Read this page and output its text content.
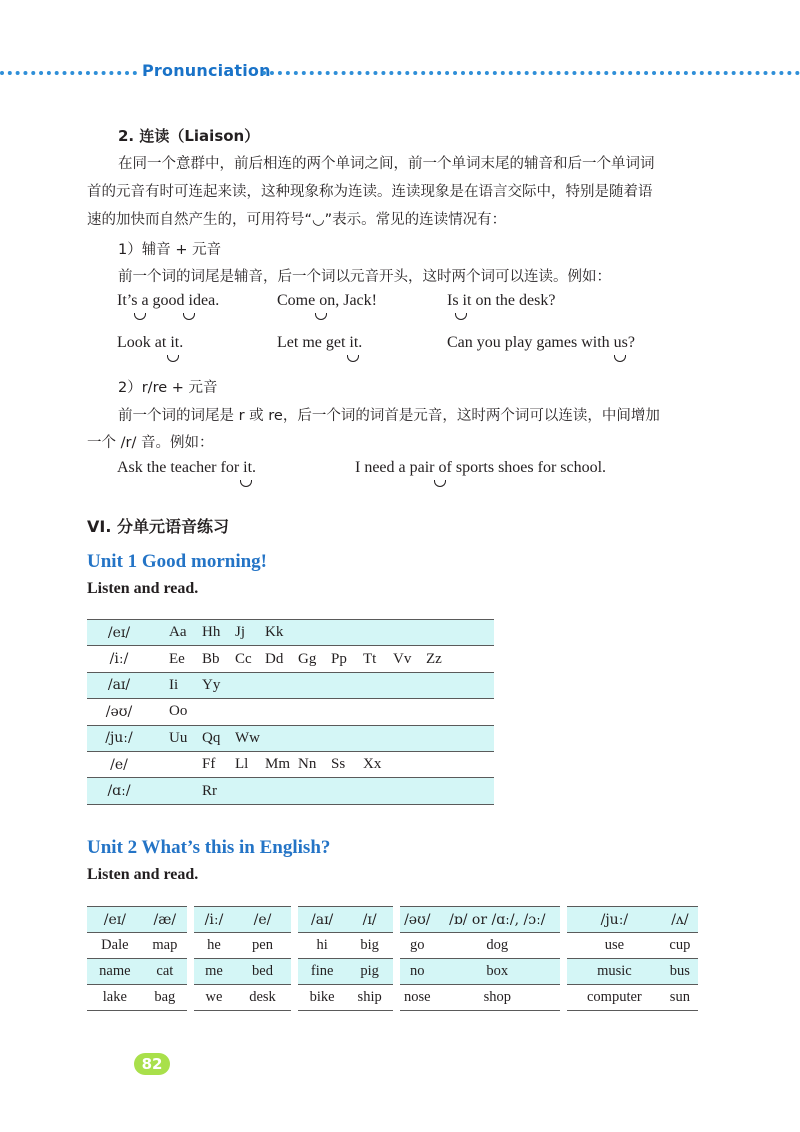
Pronunciation
2. 连读（Liaison）
在同一个意群中，前后相连的两个单词之间，前一个单词末尾的辅音和后一个单词词
首的元音有时可连起来读，这种现象称为连读。连读现象是在语言交际中，特别是随着语
速的加快而自然产生的，可用符号“◡”表示。常见的连读情况有：
1）辅音 + 元音
前一个词的词尾是辅音，后一个词以元音开头，这时两个词可以连读。例如：
It’s a good idea.	Come on, Jack!	Is it on the desk?
Look at it.	Let me get it.	Can you play games with us?
2）r/re + 元音
前一个词的词尾是 r 或 re，后一个词的词首是元音，这时两个词可以连读，中间增加
一个 /r/ 音。例如：
Ask the teacher for it.	I need a pair of sports shoes for school.
VI. 分单元语音练习
Unit 1 Good morning!
Listen and read.
/eɪ/	Aa Hh Jj Kk
/iː/	Ee Bb Cc Dd Gg Pp Tt Vv Zz
/aɪ/	Ii Yy
/əʊ/	Oo
/juː/	Uu Qq Ww
/e/	Ff Ll Mm Nn Ss Xx
/ɑː/	Rr
Unit 2 What’s this in English?
Listen and read.
/eɪ/	/æ/
Dale	map
name	cat
lake	bag
/iː/	/e/
he	pen
me	bed
we	desk
/aɪ/	/ɪ/
hi	big
fine	pig
bike	ship
/əʊ/	/ɒ/ or /ɑː/, /ɔː/
go	dog
no	box
nose	shop
/juː/	/ʌ/
use	cup
music	bus
computer	sun
82
